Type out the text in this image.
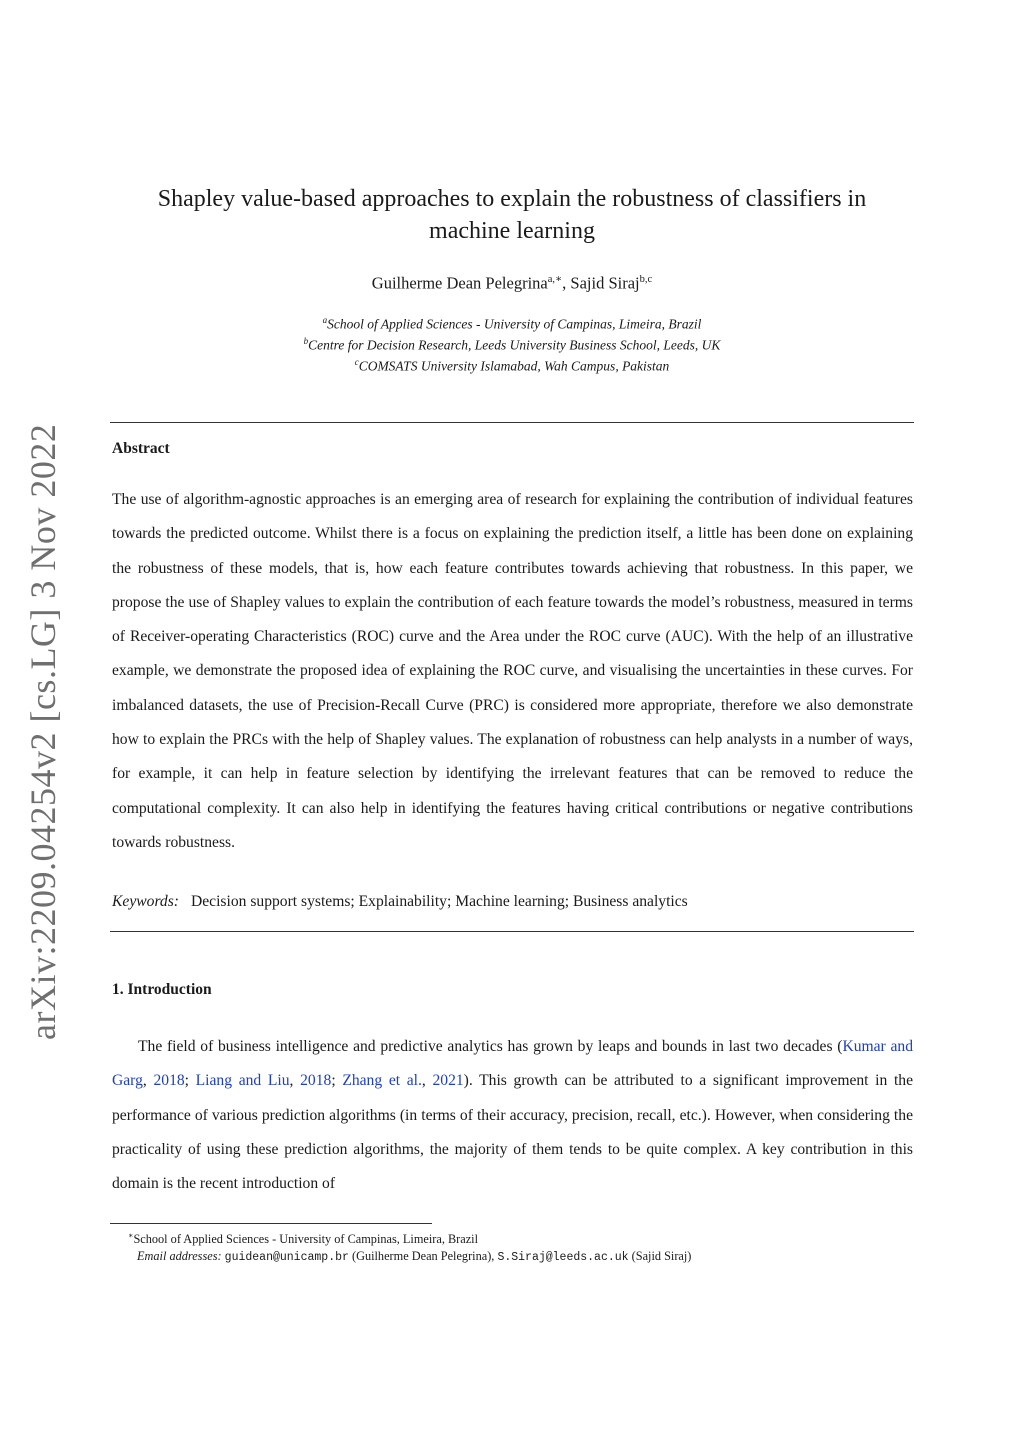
arXiv:2209.04254v2 [cs.LG] 3 Nov 2022
Shapley value-based approaches to explain the robustness of classifiers in
machine learning
Guilherme Dean Pelegrina$^{a,∗}$, Sajid Siraj$^{b,c}$
$^a$School of Applied Sciences - University of Campinas, Limeira, Brazil
$^b$Centre for Decision Research, Leeds University Business School, Leeds, UK
$^c$COMSATS University Islamabad, Wah Campus, Pakistan
Abstract
The use of algorithm-agnostic approaches is an emerging area of research for explaining the contribution of individual features towards the predicted outcome. Whilst there is a focus on explaining the prediction itself, a little has been done on explaining the robustness of these models, that is, how each feature contributes towards achieving that robustness. In this paper, we propose the use of Shapley values to explain the contribution of each feature towards the model’s robustness, measured in terms of Receiver-operating Characteristics (ROC) curve and the Area under the ROC curve (AUC). With the help of an illustrative example, we demonstrate the proposed idea of explaining the ROC curve, and visualising the uncertainties in these curves. For imbalanced datasets, the use of Precision-Recall Curve (PRC) is considered more appropriate, therefore we also demonstrate how to explain the PRCs with the help of Shapley values. The explanation of robustness can help analysts in a number of ways, for example, it can help in feature selection by identifying the irrelevant features that can be removed to reduce the computational complexity. It can also help in identifying the features having critical contributions or negative contributions towards robustness.
Keywords: Decision support systems; Explainability; Machine learning; Business analytics
1. Introduction
The field of business intelligence and predictive analytics has grown by leaps and bounds in last two decades (Kumar and Garg, 2018; Liang and Liu, 2018; Zhang et al., 2021). This growth can be attributed to a significant improvement in the performance of various prediction algorithms (in terms of their accuracy, precision, recall, etc.). However, when considering the practicality of using these prediction algorithms, the majority of them tends to be quite complex. A key contribution in this domain is the recent introduction of
∗School of Applied Sciences - University of Campinas, Limeira, Brazil
Email addresses: guidean@unicamp.br (Guilherme Dean Pelegrina), S.Siraj@leeds.ac.uk (Sajid Siraj)
